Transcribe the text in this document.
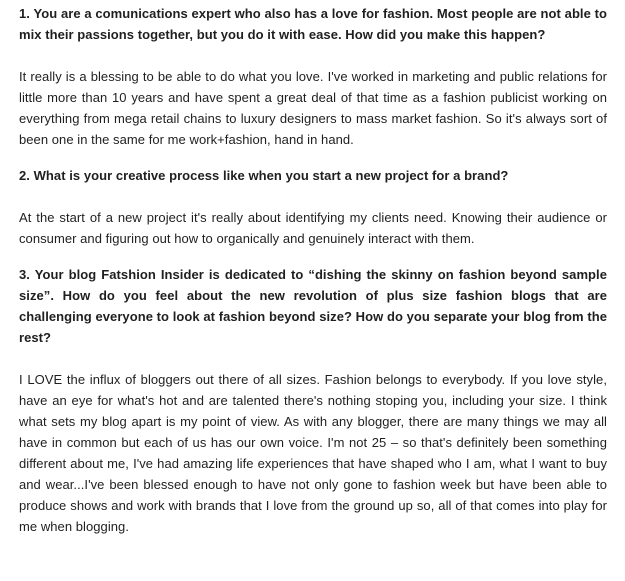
1. You are a comunications expert who also has a love for fashion. Most people are not able to mix their passions together, but you do it with ease. How did you make this happen?

It really is a blessing to be able to do what you love. I've worked in marketing and public relations for little more than 10 years and have spent a great deal of that time as a fashion publicist working on everything from mega retail chains to luxury designers to mass market fashion. So it's always sort of been one in the same for me work+fashion, hand in hand.

2. What is your creative process like when you start a new project for a brand?

At the start of a new project it's really about identifying my clients need. Knowing their audience or consumer and figuring out how to organically and genuinely interact with them.

3. Your blog Fatshion Insider is dedicated to “dishing the skinny on fashion beyond sample size”. How do you feel about the new revolution of plus size fashion blogs that are challenging everyone to look at fashion beyond size? How do you separate your blog from the rest?

I LOVE the influx of bloggers out there of all sizes. Fashion belongs to everybody. If you love style, have an eye for what's hot and are talented there's nothing stoping you, including your size. I think what sets my blog apart is my point of view. As with any blogger, there are many things we may all have in common but each of us has our own voice. I'm not 25 – so that's definitely been something different about me, I've had amazing life experiences that have shaped who I am, what I want to buy and wear...I've been blessed enough to have not only gone to fashion week but have been able to produce shows and work with brands that I love from the ground up so, all of that comes into play for me when blogging.
